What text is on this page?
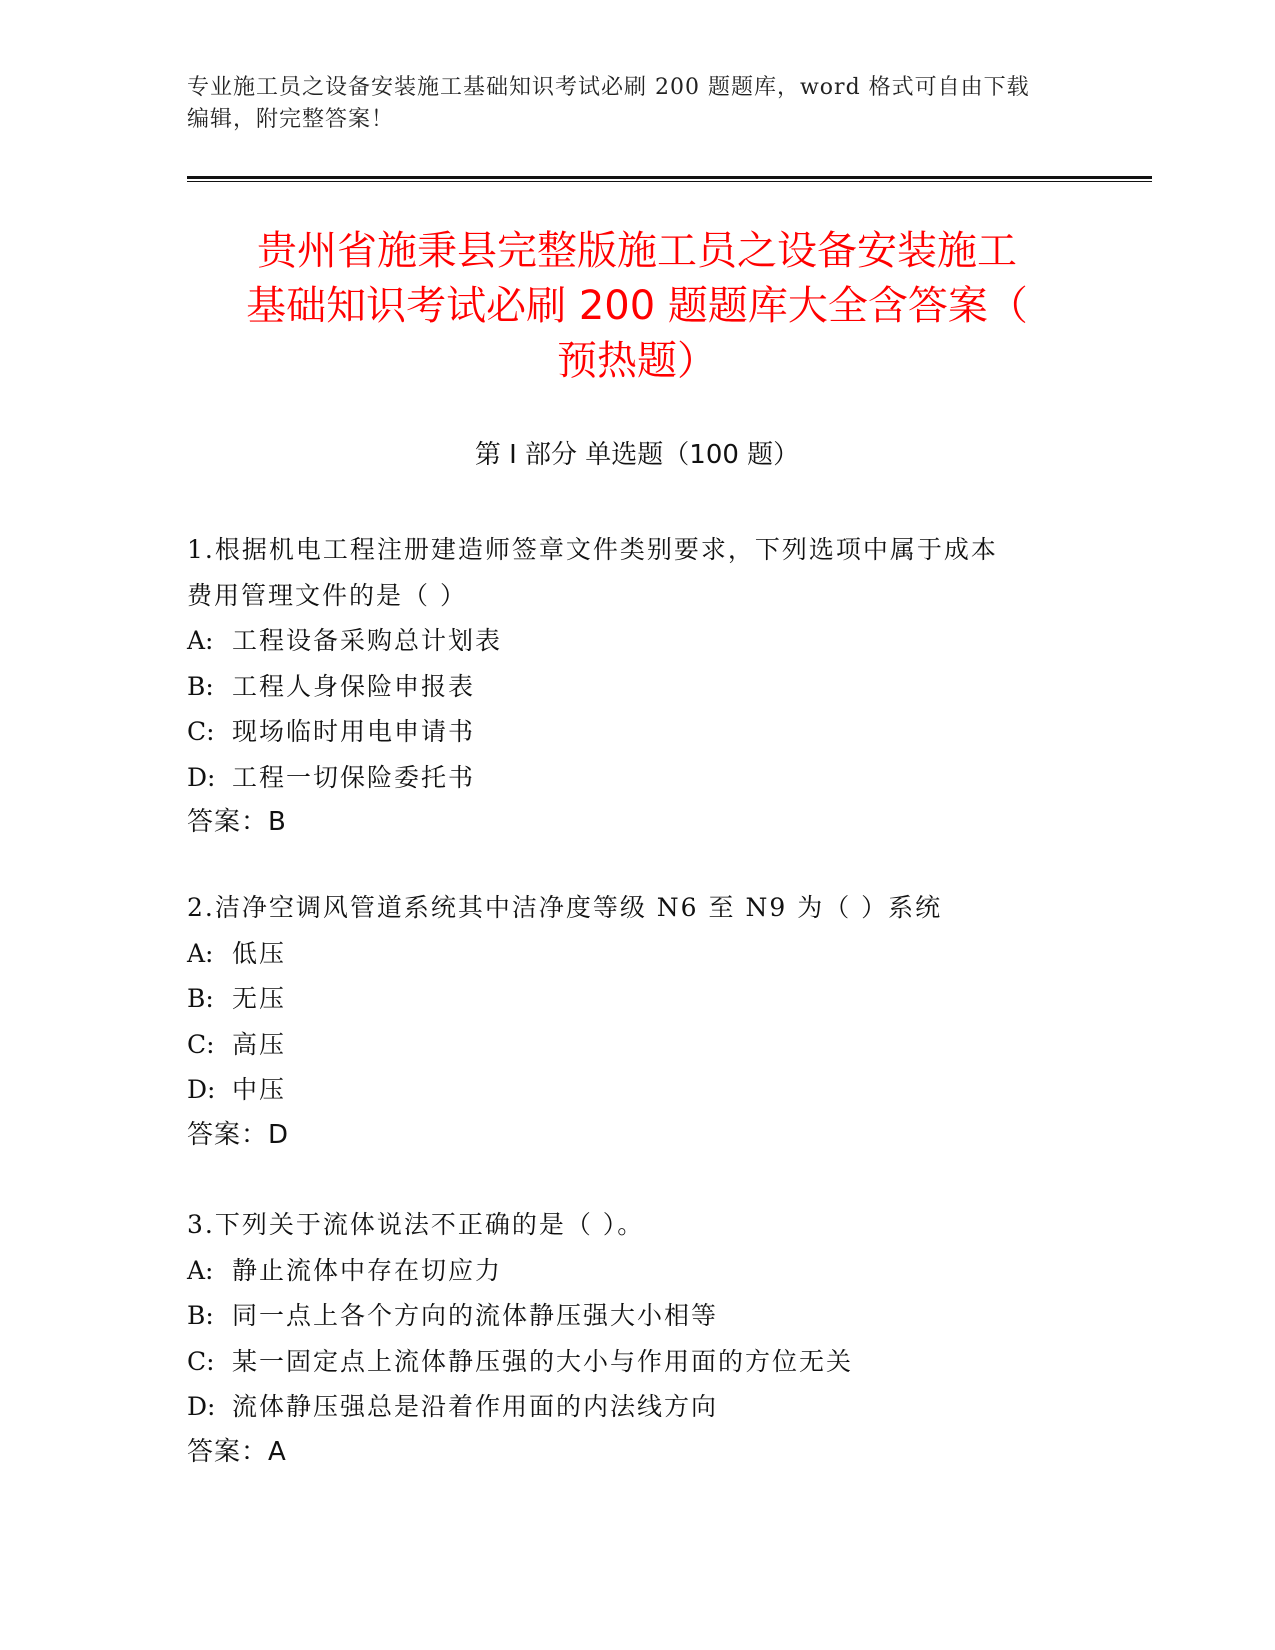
专业施工员之设备安装施工基础知识考试必刷 200 题题库，word 格式可自由下载
编辑，附完整答案！
贵州省施秉县完整版施工员之设备安装施工
基础知识考试必刷 200 题题库大全含答案（
预热题）
第 I 部分 单选题（100 题）
1.根据机电工程注册建造师签章文件类别要求，下列选项中属于成本
费用管理文件的是（ ）
A: 工程设备采购总计划表
B: 工程人身保险申报表
C: 现场临时用电申请书
D: 工程一切保险委托书
答案：B
2.洁净空调风管道系统其中洁净度等级 N6 至 N9 为（ ）系统
A: 低压
B: 无压
C: 高压
D: 中压
答案：D
3.下列关于流体说法不正确的是（ ）。
A: 静止流体中存在切应力
B: 同一点上各个方向的流体静压强大小相等
C: 某一固定点上流体静压强的大小与作用面的方位无关
D: 流体静压强总是沿着作用面的内法线方向
答案：A
